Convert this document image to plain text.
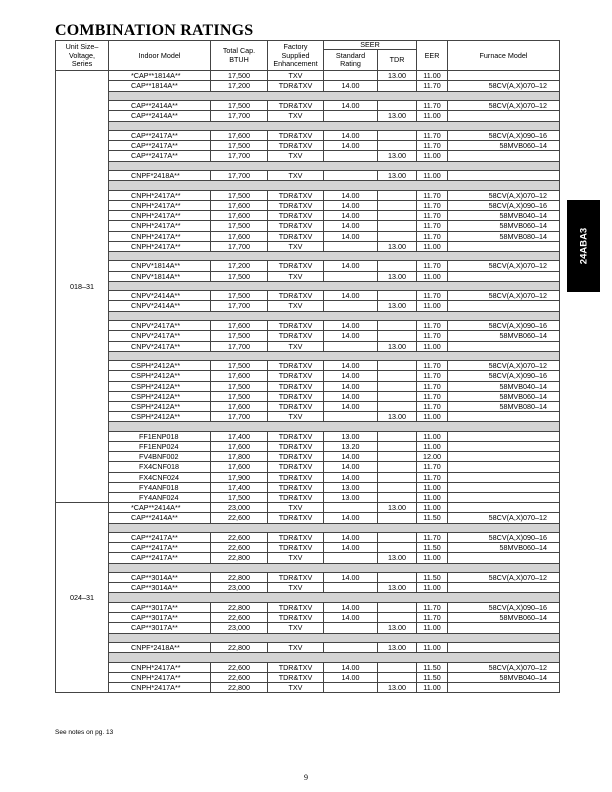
COMBINATION RATINGS
Unit Size–
Voltage,
Series	Indoor Model	Total Cap.
BTUH	Factory
Supplied
Enhancement	SEER		EER	Furnace Model
				Standard
Rating	TDR		
018–31	*CAP**1814A**	17,500	TXV		13.00	11.00	
	CAP**1814A**	17,200	TDR&TXV	14.00		11.70	58CV(A,X)070–12

	CAP**2414A**	17,500	TDR&TXV	14.00		11.70	58CV(A,X)070–12
	CAP**2414A**	17,700	TXV		13.00	11.00	

	CAP**2417A**	17,600	TDR&TXV	14.00		11.70	58CV(A,X)090–16
	CAP**2417A**	17,500	TDR&TXV	14.00		11.70	58MVB060–14
	CAP**2417A**	17,700	TXV		13.00	11.00	

	CNPF*2418A**	17,700	TXV		13.00	11.00	

	CNPH*2417A**	17,500	TDR&TXV	14.00		11.70	58CV(A,X)070–12
	CNPH*2417A**	17,600	TDR&TXV	14.00		11.70	58CV(A,X)090–16
	CNPH*2417A**	17,600	TDR&TXV	14.00		11.70	58MVB040–14
	CNPH*2417A**	17,500	TDR&TXV	14.00		11.70	58MVB060–14
	CNPH*2417A**	17,600	TDR&TXV	14.00		11.70	58MVB080–14
	CNPH*2417A**	17,700	TXV		13.00	11.00	

	CNPV*1814A**	17,200	TDR&TXV	14.00		11.70	58CV(A,X)070–12
	CNPV*1814A**	17,500	TXV		13.00	11.00	

	CNPV*2414A**	17,500	TDR&TXV	14.00		11.70	58CV(A,X)070–12
	CNPV*2414A**	17,700	TXV		13.00	11.00	

	CNPV*2417A**	17,600	TDR&TXV	14.00		11.70	58CV(A,X)090–16
	CNPV*2417A**	17,500	TDR&TXV	14.00		11.70	58MVB060–14
	CNPV*2417A**	17,700	TXV		13.00	11.00	

	CSPH*2412A**	17,500	TDR&TXV	14.00		11.70	58CV(A,X)070–12
	CSPH*2412A**	17,600	TDR&TXV	14.00		11.70	58CV(A,X)090–16
	CSPH*2412A**	17,500	TDR&TXV	14.00		11.70	58MVB040–14
	CSPH*2412A**	17,500	TDR&TXV	14.00		11.70	58MVB060–14
	CSPH*2412A**	17,600	TDR&TXV	14.00		11.70	58MVB080–14
	CSPH*2412A**	17,700	TXV		13.00	11.00	

	FF1ENP018	17,400	TDR&TXV	13.00		11.00	
	FF1ENP024	17,600	TDR&TXV	13.20		11.00	
	FV4BNF002	17,800	TDR&TXV	14.00		12.00	
	FX4CNF018	17,600	TDR&TXV	14.00		11.70	
	FX4CNF024	17,900	TDR&TXV	14.00		11.70	
	FY4ANF018	17,400	TDR&TXV	13.00		11.00	
	FY4ANF024	17,500	TDR&TXV	13.00		11.00	
024–31	*CAP**2414A**	23,000	TXV		13.00	11.00	
	CAP**2414A**	22,600	TDR&TXV	14.00		11.50	58CV(A,X)070–12

	CAP**2417A**	22,600	TDR&TXV	14.00		11.70	58CV(A,X)090–16
	CAP**2417A**	22,600	TDR&TXV	14.00		11.50	58MVB060–14
	CAP**2417A**	22,800	TXV		13.00	11.00	

	CAP**3014A**	22,800	TDR&TXV	14.00		11.50	58CV(A,X)070–12
	CAP**3014A**	23,000	TXV		13.00	11.00	

	CAP**3017A**	22,800	TDR&TXV	14.00		11.70	58CV(A,X)090–16
	CAP**3017A**	22,600	TDR&TXV	14.00		11.70	58MVB060–14
	CAP**3017A**	23,000	TXV		13.00	11.00	

	CNPF*2418A**	22,800	TXV		13.00	11.00	

	CNPH*2417A**	22,600	TDR&TXV	14.00		11.50	58CV(A,X)070–12
	CNPH*2417A**	22,600	TDR&TXV	14.00		11.50	58MVB040–14
	CNPH*2417A**	22,800	TXV		13.00	11.00	
See notes on pg. 13
9
24ABA3
